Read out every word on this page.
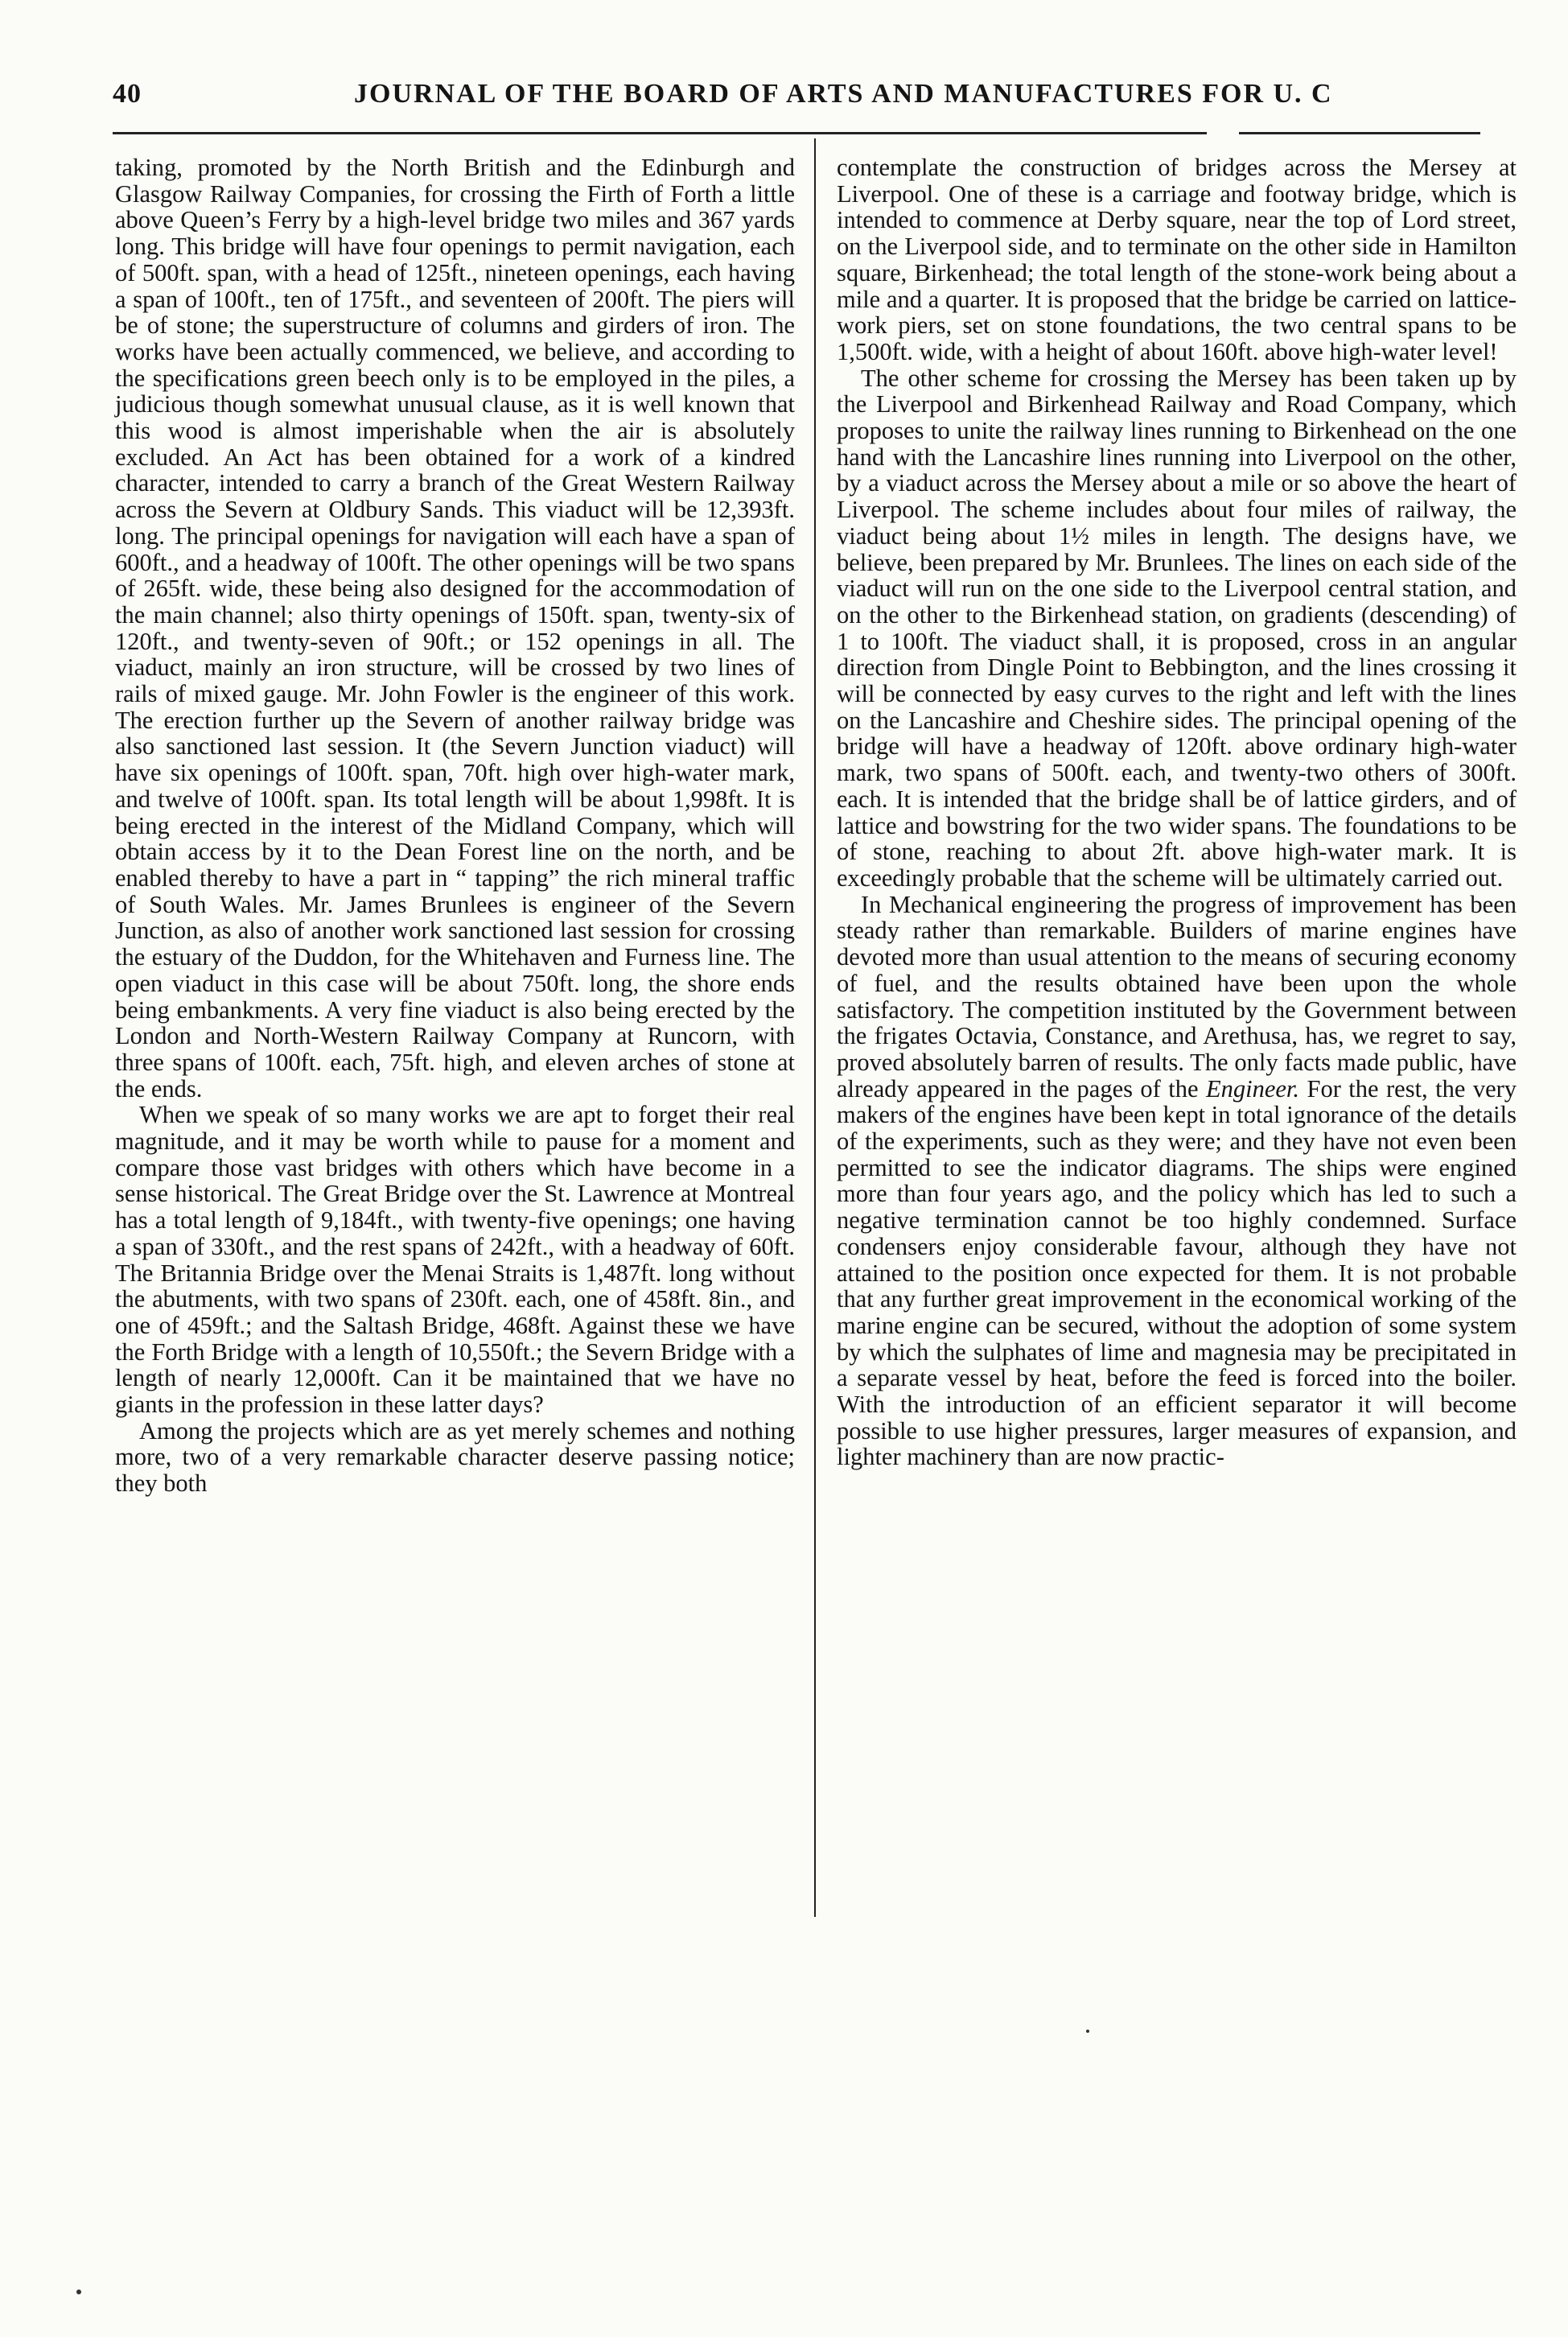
40	JOURNAL OF THE BOARD OF ARTS AND MANUFACTURES FOR U. C

taking, promoted by the North British and the Edinburgh and Glasgow Railway Companies, for crossing the Firth of Forth a little above Queen’s Ferry by a high-level bridge two miles and 367 yards long. This bridge will have four openings to permit navigation, each of 500ft. span, with a head of 125ft., nineteen openings, each having a span of 100ft., ten of 175ft., and seventeen of 200ft. The piers will be of stone; the superstructure of columns and girders of iron. The works have been actually commenced, we believe, and according to the specifications green beech only is to be employed in the piles, a judicious though somewhat unusual clause, as it is well known that this wood is almost imperishable when the air is absolutely excluded. An Act has been obtained for a work of a kindred character, intended to carry a branch of the Great Western Railway across the Severn at Oldbury Sands. This viaduct will be 12,393ft. long. The principal openings for navigation will each have a span of 600ft., and a headway of 100ft. The other openings will be two spans of 265ft. wide, these being also designed for the accommodation of the main channel; also thirty openings of 150ft. span, twenty-six of 120ft., and twenty-seven of 90ft.; or 152 openings in all. The viaduct, mainly an iron structure, will be crossed by two lines of rails of mixed gauge. Mr. John Fowler is the engineer of this work. The erection further up the Severn of another railway bridge was also sanctioned last session. It (the Severn Junction viaduct) will have six openings of 100ft. span, 70ft. high over high-water mark, and twelve of 100ft. span. Its total length will be about 1,998ft. It is being erected in the interest of the Midland Company, which will obtain access by it to the Dean Forest line on the north, and be enabled thereby to have a part in “ tapping” the rich mineral traffic of South Wales. Mr. James Brunlees is engineer of the Severn Junction, as also of another work sanctioned last session for crossing the estuary of the Duddon, for the Whitehaven and Furness line. The open viaduct in this case will be about 750ft. long, the shore ends being embankments. A very fine viaduct is also being erected by the London and North-Western Railway Company at Runcorn, with three spans of 100ft. each, 75ft. high, and eleven arches of stone at the ends.

When we speak of so many works we are apt to forget their real magnitude, and it may be worth while to pause for a moment and compare those vast bridges with others which have become in a sense historical. The Great Bridge over the St. Lawrence at Montreal has a total length of 9,184ft., with twenty-five openings; one having a span of 330ft., and the rest spans of 242ft., with a headway of 60ft. The Britannia Bridge over the Menai Straits is 1,487ft. long without the abutments, with two spans of 230ft. each, one of 458ft. 8in., and one of 459ft.; and the Saltash Bridge, 468ft. Against these we have the Forth Bridge with a length of 10,550ft.; the Severn Bridge with a length of nearly 12,000ft. Can it be maintained that we have no giants in the profession in these latter days?

Among the projects which are as yet merely schemes and nothing more, two of a very remarkable character deserve passing notice; they both

contemplate the construction of bridges across the Mersey at Liverpool. One of these is a carriage and footway bridge, which is intended to commence at Derby square, near the top of Lord street, on the Liverpool side, and to terminate on the other side in Hamilton square, Birkenhead; the total length of the stone-work being about a mile and a quarter. It is proposed that the bridge be carried on lattice-work piers, set on stone foundations, the two central spans to be 1,500ft. wide, with a height of about 160ft. above high-water level!

The other scheme for crossing the Mersey has been taken up by the Liverpool and Birkenhead Railway and Road Company, which proposes to unite the railway lines running to Birkenhead on the one hand with the Lancashire lines running into Liverpool on the other, by a viaduct across the Mersey about a mile or so above the heart of Liverpool. The scheme includes about four miles of railway, the viaduct being about 1½ miles in length. The designs have, we believe, been prepared by Mr. Brunlees. The lines on each side of the viaduct will run on the one side to the Liverpool central station, and on the other to the Birkenhead station, on gradients (descending) of 1 to 100ft. The viaduct shall, it is proposed, cross in an angular direction from Dingle Point to Bebbington, and the lines crossing it will be connected by easy curves to the right and left with the lines on the Lancashire and Cheshire sides. The principal opening of the bridge will have a headway of 120ft. above ordinary high-water mark, two spans of 500ft. each, and twenty-two others of 300ft. each. It is intended that the bridge shall be of lattice girders, and of lattice and bowstring for the two wider spans. The foundations to be of stone, reaching to about 2ft. above high-water mark. It is exceedingly probable that the scheme will be ultimately carried out.

In Mechanical engineering the progress of improvement has been steady rather than remarkable. Builders of marine engines have devoted more than usual attention to the means of securing economy of fuel, and the results obtained have been upon the whole satisfactory. The competition instituted by the Government between the frigates Octavia, Constance, and Arethusa, has, we regret to say, proved absolutely barren of results. The only facts made public, have already appeared in the pages of the Engineer. For the rest, the very makers of the engines have been kept in total ignorance of the details of the experiments, such as they were; and they have not even been permitted to see the indicator diagrams. The ships were engined more than four years ago, and the policy which has led to such a negative termination cannot be too highly condemned. Surface condensers enjoy considerable favour, although they have not attained to the position once expected for them. It is not probable that any further great improvement in the economical working of the marine engine can be secured, without the adoption of some system by which the sulphates of lime and magnesia may be precipitated in a separate vessel by heat, before the feed is forced into the boiler. With the introduction of an efficient separator it will become possible to use higher pressures, larger measures of expansion, and lighter machinery than are now practic-
